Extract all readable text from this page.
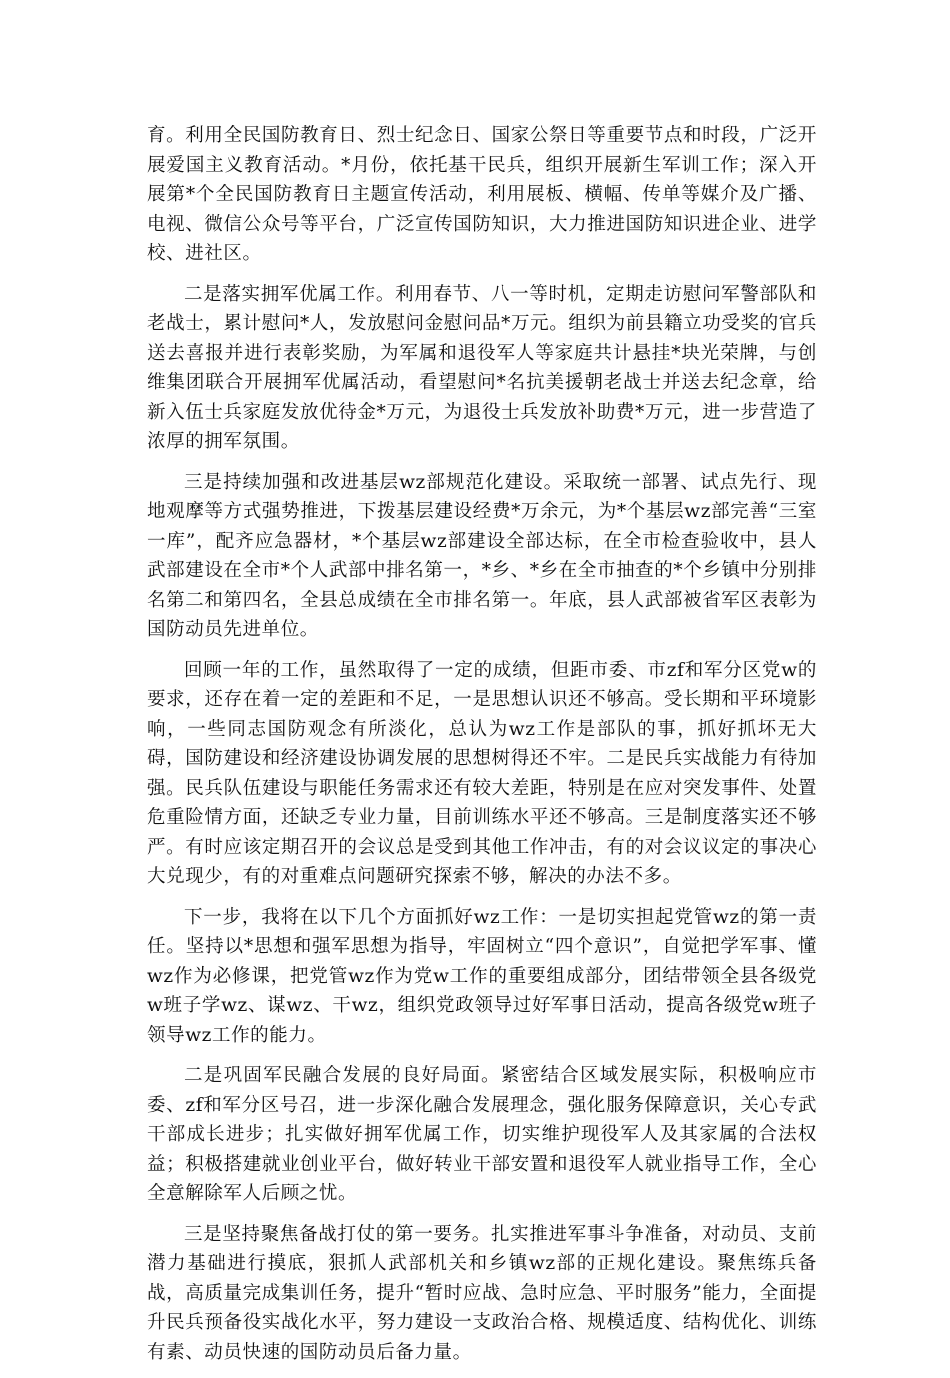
育。利用全民国防教育日、烈士纪念日、国家公祭日等重要节点和时段，广泛开展爱国主义教育活动。*月份，依托基干民兵，组织开展新生军训工作；深入开展第*个全民国防教育日主题宣传活动，利用展板、横幅、传单等媒介及广播、电视、微信公众号等平台，广泛宣传国防知识，大力推进国防知识进企业、进学校、进社区。

二是落实拥军优属工作。利用春节、八一等时机，定期走访慰问军警部队和老战士，累计慰问*人，发放慰问金慰问品*万元。组织为前县籍立功受奖的官兵送去喜报并进行表彰奖励，为军属和退役军人等家庭共计悬挂*块光荣牌，与创维集团联合开展拥军优属活动，看望慰问*名抗美援朝老战士并送去纪念章，给新入伍士兵家庭发放优待金*万元，为退役士兵发放补助费*万元，进一步营造了浓厚的拥军氛围。

三是持续加强和改进基层wz部规范化建设。采取统一部署、试点先行、现地观摩等方式强势推进，下拨基层建设经费*万余元，为*个基层wz部完善“三室一库”，配齐应急器材，*个基层wz部建设全部达标，在全市检查验收中，县人武部建设在全市*个人武部中排名第一，*乡、*乡在全市抽查的*个乡镇中分别排名第二和第四名，全县总成绩在全市排名第一。年底，县人武部被省军区表彰为国防动员先进单位。

回顾一年的工作，虽然取得了一定的成绩，但距市委、市zf和军分区党w的要求，还存在着一定的差距和不足，一是思想认识还不够高。受长期和平环境影响，一些同志国防观念有所淡化，总认为wz工作是部队的事，抓好抓坏无大碍，国防建设和经济建设协调发展的思想树得还不牢。二是民兵实战能力有待加强。民兵队伍建设与职能任务需求还有较大差距，特别是在应对突发事件、处置危重险情方面，还缺乏专业力量，目前训练水平还不够高。三是制度落实还不够严。有时应该定期召开的会议总是受到其他工作冲击，有的对会议议定的事决心大兑现少，有的对重难点问题研究探索不够，解决的办法不多。

下一步，我将在以下几个方面抓好wz工作：一是切实担起党管wz的第一责任。坚持以*思想和强军思想为指导，牢固树立“四个意识”，自觉把学军事、懂wz作为必修课，把党管wz作为党w工作的重要组成部分，团结带领全县各级党w班子学wz、谋wz、干wz，组织党政领导过好军事日活动，提高各级党w班子领导wz工作的能力。

二是巩固军民融合发展的良好局面。紧密结合区域发展实际，积极响应市委、zf和军分区号召，进一步深化融合发展理念，强化服务保障意识，关心专武干部成长进步；扎实做好拥军优属工作，切实维护现役军人及其家属的合法权益；积极搭建就业创业平台，做好转业干部安置和退役军人就业指导工作，全心全意解除军人后顾之忧。

三是坚持聚焦备战打仗的第一要务。扎实推进军事斗争准备，对动员、支前潜力基础进行摸底，狠抓人武部机关和乡镇wz部的正规化建设。聚焦练兵备战，高质量完成集训任务，提升“暂时应战、急时应急、平时服务”能力，全面提升民兵预备役实战化水平，努力建设一支政治合格、规模适度、结构优化、训练有素、动员快速的国防动员后备力量。
